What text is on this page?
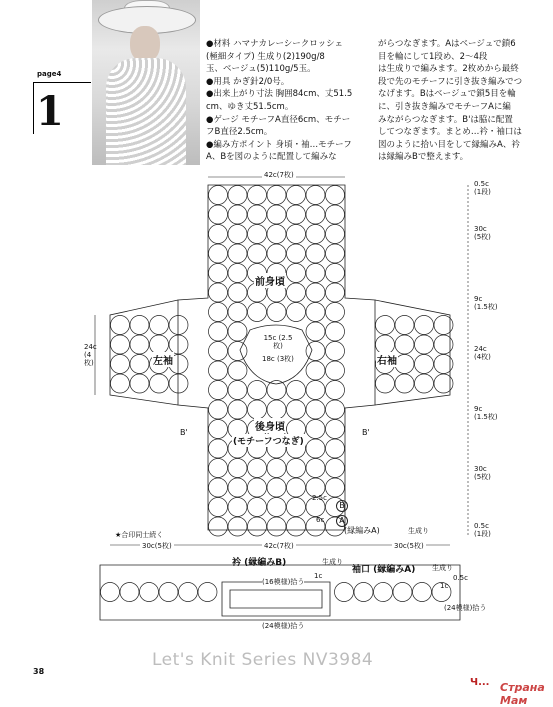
page4
1
●材料 ハマナカレーシークロッシェ
(極細タイプ) 生成り(2)190g/8
玉、ベージュ(5)110g/5玉。
●用具 かぎ針2/0号。
●出来上がり寸法 胸囲84cm、丈51.5
cm、ゆき丈51.5cm。
●ゲージ モチーフA直径6cm、モチー
フB直径2.5cm。
●編み方ポイント 身頃・袖…モチーフ
A、Bを図のように配置して編みな
がらつなぎます。Aはベージュで鎖6
目を輪にして1段め、2〜4段
は生成りで編みます。2枚めから最終
段で先のモチーフに引き抜き編みでつ
なげます。Bはベージュで鎖5目を輪
に、引き抜き編みでモチーフAに編
みながらつなぎます。B'は脇に配置
してつなぎます。まとめ…衿・袖口は
図のように拾い目をして縁編みA、衿
は縁編みBで整えます。
42c(7枚)
0.5c (1段)
30c (5枚)
9c (1.5枚)
24c (4枚)
9c (1.5枚)
30c (5枚)
0.5c (1段)
24c (4枚)
15c (2.5枚)
18c (3枚)
30c(5枚)	42c(7枚)	30c(5枚)
2.5c
6c
前身頃
後身頃
(モチーフつなぎ)
左袖	右袖
(縁編みA)	生成り
衿 (縁編みB)	生成り
袖口 (縁編みA) 生成り
★合印同士続く
(16模様)拾う
(24模様)拾う
(24模様)拾う
0.5c
1c
1c
A
B
B'	B'
Let's Knit Series NV3984
38
Ч... Страна Мам
